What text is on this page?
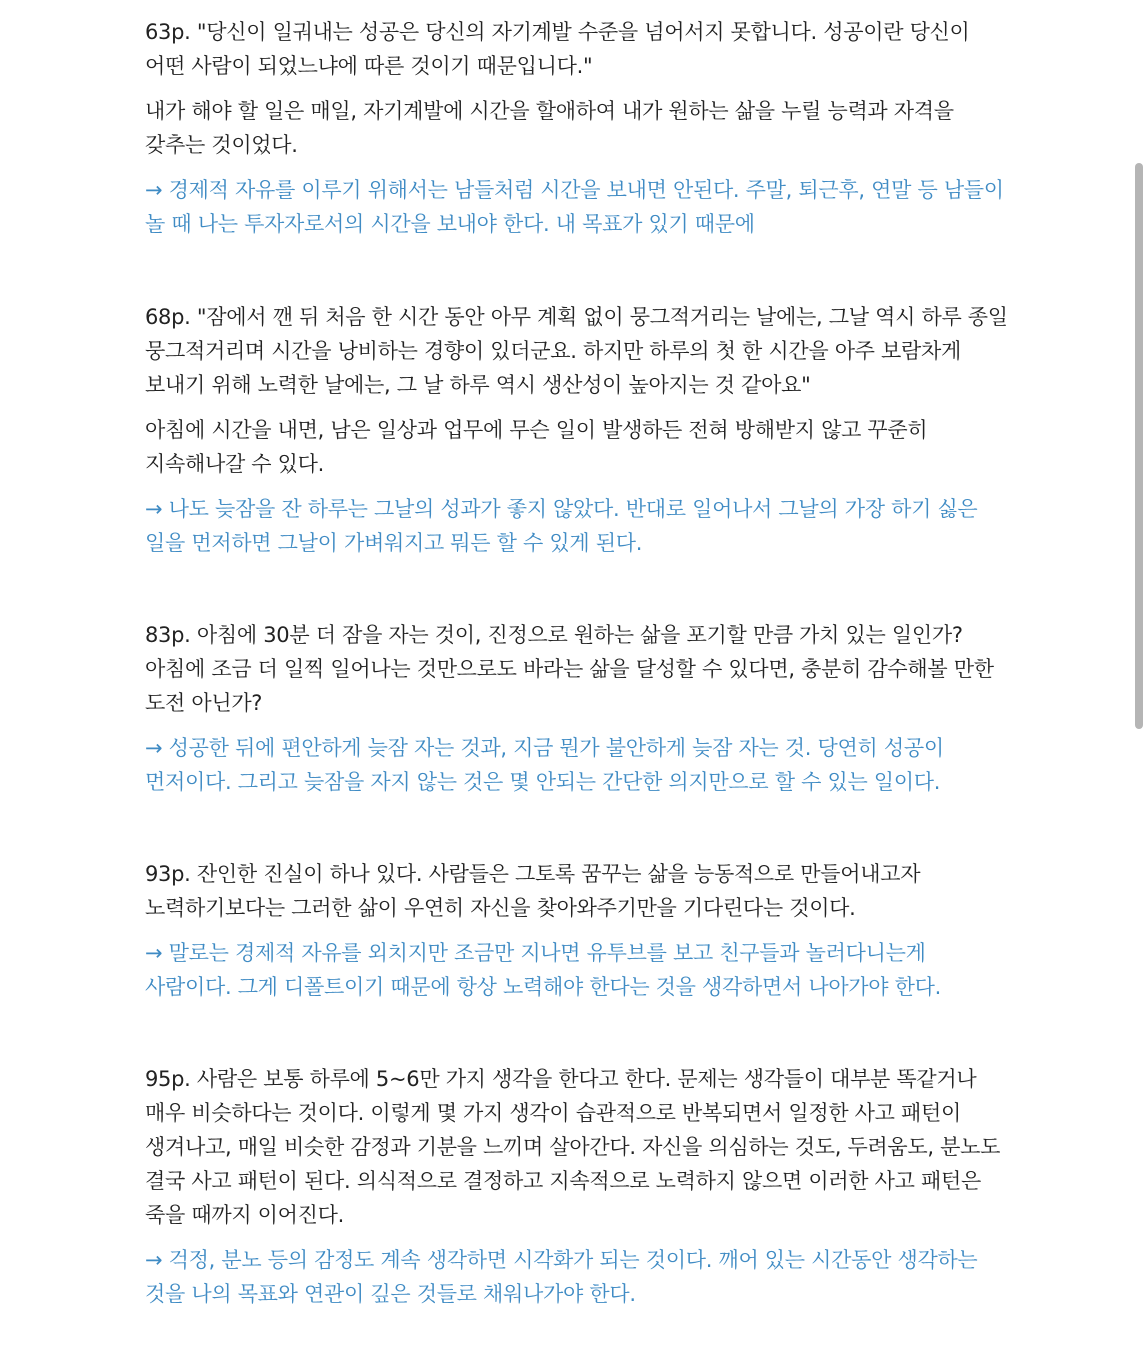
63p. "당신이 일궈내는 성공은 당신의 자기계발 수준을 넘어서지 못합니다. 성공이란 당신이 어떤 사람이 되었느냐에 따른 것이기 때문입니다."

내가 해야 할 일은 매일, 자기계발에 시간을 할애하여 내가 원하는 삶을 누릴 능력과 자격을 갖추는 것이었다.

→ 경제적 자유를 이루기 위해서는 남들처럼 시간을 보내면 안된다. 주말, 퇴근후, 연말 등 남들이 놀 때 나는 투자자로서의 시간을 보내야 한다. 내 목표가 있기 때문에

68p. "잠에서 깬 뒤 처음 한 시간 동안 아무 계획 없이 뭉그적거리는 날에는, 그날 역시 하루 종일 뭉그적거리며 시간을 낭비하는 경향이 있더군요. 하지만 하루의 첫 한 시간을 아주 보람차게 보내기 위해 노력한 날에는, 그 날 하루 역시 생산성이 높아지는 것 같아요"

아침에 시간을 내면, 남은 일상과 업무에 무슨 일이 발생하든 전혀 방해받지 않고 꾸준히 지속해나갈 수 있다.

→ 나도 늦잠을 잔 하루는 그날의 성과가 좋지 않았다. 반대로 일어나서 그날의 가장 하기 싫은 일을 먼저하면 그날이 가벼워지고 뭐든 할 수 있게 된다.

83p. 아침에 30분 더 잠을 자는 것이, 진정으로 원하는 삶을 포기할 만큼 가치 있는 일인가? 아침에 조금 더 일찍 일어나는 것만으로도 바라는 삶을 달성할 수 있다면, 충분히 감수해볼 만한 도전 아닌가?

→ 성공한 뒤에 편안하게 늦잠 자는 것과, 지금 뭔가 불안하게 늦잠 자는 것. 당연히 성공이 먼저이다. 그리고 늦잠을 자지 않는 것은 몇 안되는 간단한 의지만으로 할 수 있는 일이다.

93p. 잔인한 진실이 하나 있다. 사람들은 그토록 꿈꾸는 삶을 능동적으로 만들어내고자 노력하기보다는 그러한 삶이 우연히 자신을 찾아와주기만을 기다린다는 것이다.

→ 말로는 경제적 자유를 외치지만 조금만 지나면 유투브를 보고 친구들과 놀러다니는게 사람이다. 그게 디폴트이기 때문에 항상 노력해야 한다는 것을 생각하면서 나아가야 한다.

95p. 사람은 보통 하루에 5~6만 가지 생각을 한다고 한다. 문제는 생각들이 대부분 똑같거나 매우 비슷하다는 것이다. 이렇게 몇 가지 생각이 습관적으로 반복되면서 일정한 사고 패턴이 생겨나고, 매일 비슷한 감정과 기분을 느끼며 살아간다. 자신을 의심하는 것도, 두려움도, 분노도 결국 사고 패턴이 된다. 의식적으로 결정하고 지속적으로 노력하지 않으면 이러한 사고 패턴은 죽을 때까지 이어진다.

→ 걱정, 분노 등의 감정도 계속 생각하면 시각화가 되는 것이다. 깨어 있는 시간동안 생각하는 것을 나의 목표와 연관이 깊은 것들로 채워나가야 한다.
